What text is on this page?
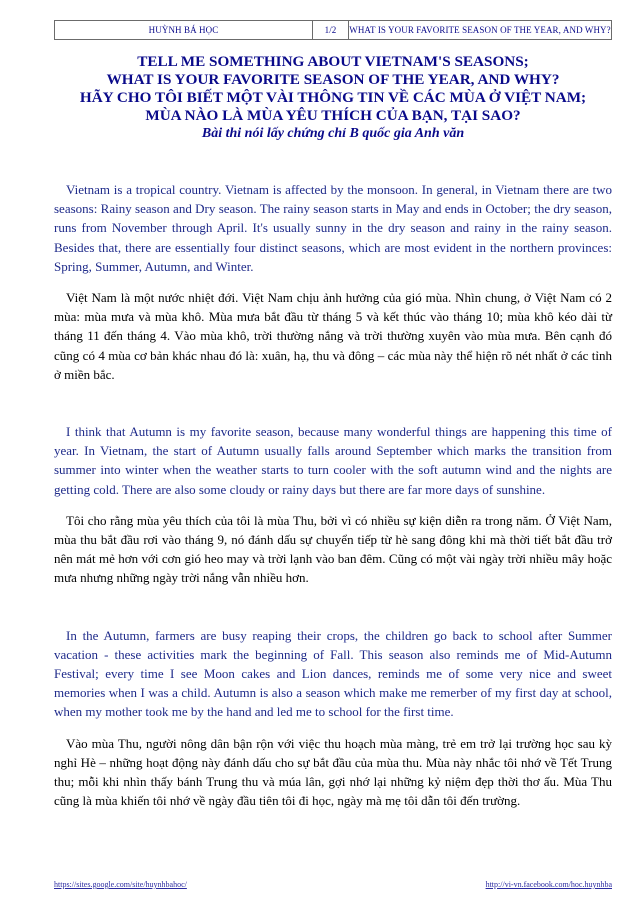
HUỲNH BÁ HỌC	1/2	WHAT IS YOUR FAVORITE SEASON OF THE YEAR, AND WHY?
TELL ME SOMETHING ABOUT VIETNAM'S SEASONS;
WHAT IS YOUR FAVORITE SEASON OF THE YEAR, AND WHY?
HÃY CHO TÔI BIẾT MỘT VÀI THÔNG TIN VỀ CÁC MÙA Ở VIỆT NAM;
MÙA NÀO LÀ MÙA YÊU THÍCH CỦA BẠN, TẠI SAO?
Bài thi nói lấy chứng chỉ B quốc gia Anh văn

Vietnam is a tropical country. Vietnam is affected by the monsoon. In general, in Vietnam there are two seasons: Rainy season and Dry season. The rainy season starts in May and ends in October; the dry season, runs from November through April. It's usually sunny in the dry season and rainy in the rainy season. Besides that, there are essentially four distinct seasons, which are most evident in the northern provinces: Spring, Summer, Autumn, and Winter.

Việt Nam là một nước nhiệt đới. Việt Nam chịu ảnh hưởng của gió mùa. Nhìn chung, ở Việt Nam có 2 mùa: mùa mưa và mùa khô. Mùa mưa bắt đầu từ tháng 5 và kết thúc vào tháng 10; mùa khô kéo dài từ tháng 11 đến tháng 4. Vào mùa khô, trời thường nắng và trời thường xuyên vào mùa mưa. Bên cạnh đó cũng có 4 mùa cơ bản khác nhau đó là: xuân, hạ, thu và đông – các mùa này thể hiện rõ nét nhất ở các tỉnh ở miền bắc.

I think that Autumn is my favorite season, because many wonderful things are happening this time of year. In Vietnam, the start of Autumn usually falls around September which marks the transition from summer into winter when the weather starts to turn cooler with the soft autumn wind and the nights are getting cold. There are also some cloudy or rainy days but there are far more days of sunshine.

Tôi cho rằng mùa yêu thích của tôi là mùa Thu, bởi vì có nhiều sự kiện diễn ra trong năm. Ở Việt Nam, mùa thu bắt đầu rơi vào tháng 9, nó đánh dấu sự chuyển tiếp từ hè sang đông khi mà thời tiết bắt đầu trở nên mát mẻ hơn với cơn gió heo may và trời lạnh vào ban đêm. Cũng có một vài ngày trời nhiều mây hoặc mưa nhưng những ngày trời nắng vẫn nhiều hơn.

In the Autumn, farmers are busy reaping their crops, the children go back to school after Summer vacation - these activities mark the beginning of Fall. This season also reminds me of Mid-Autumn Festival; every time I see Moon cakes and Lion dances, reminds me of some very nice and sweet memories when I was a child. Autumn is also a season which make me remerber of my first day at school, when my mother took me by the hand and led me to school for the first time.

Vào mùa Thu, người nông dân bận rộn với việc thu hoạch mùa màng, trẻ em trở lại trường học sau kỳ nghỉ Hè – những hoạt động này đánh dấu cho sự bắt đầu của mùa thu. Mùa này nhắc tôi nhớ về Tết Trung thu; mỗi khi nhìn thấy bánh Trung thu và múa lân, gợi nhớ lại những kỷ niệm đẹp thời thơ ấu. Mùa Thu cũng là mùa khiến tôi nhớ về ngày đầu tiên tôi đi học, ngày mà mẹ tôi dẫn tôi đến trường.

https://sites.google.com/site/huynhbahoc/	http://vi-vn.facebook.com/hoc.huynhba
